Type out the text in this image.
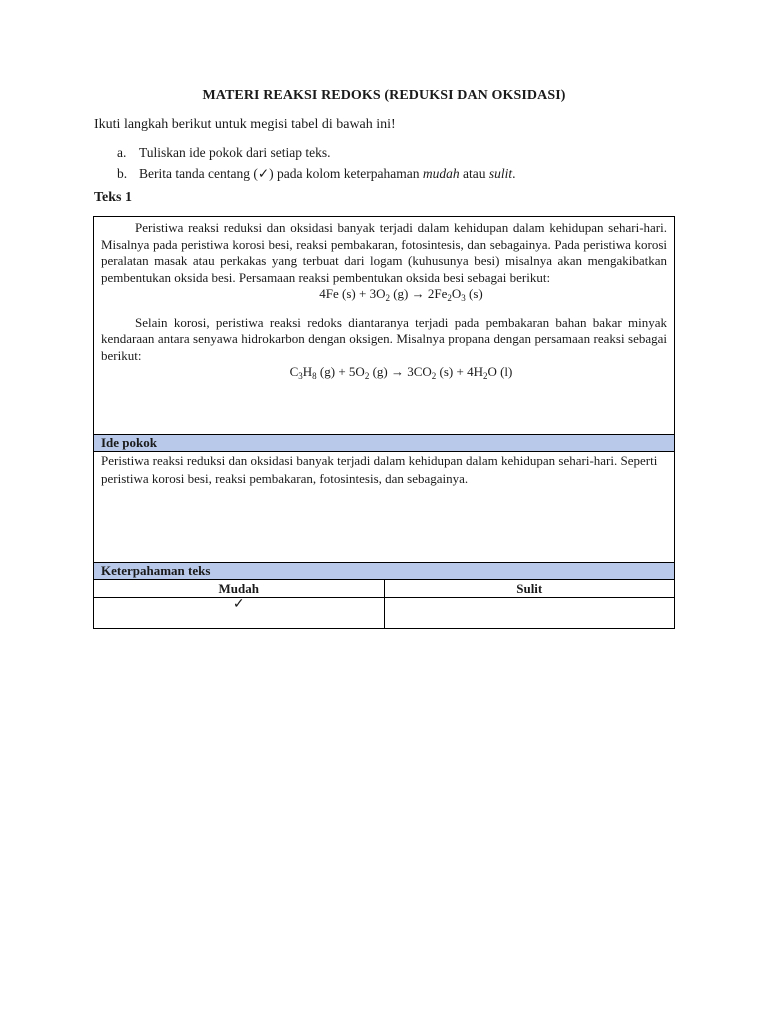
MATERI REAKSI REDOKS (REDUKSI DAN OKSIDASI)
Ikuti langkah berikut untuk megisi tabel di bawah ini!
a. Tuliskan ide pokok dari setiap teks.
b. Berita tanda centang (✓) pada kolom keterpahaman mudah atau sulit.
Teks 1

Peristiwa reaksi reduksi dan oksidasi banyak terjadi dalam kehidupan dalam kehidupan sehari-hari. Misalnya pada peristiwa korosi besi, reaksi pembakaran, fotosintesis, dan sebagainya. Pada peristiwa korosi peralatan masak atau perkakas yang terbuat dari logam (kuhusunya besi) misalnya akan mengakibatkan pembentukan oksida besi. Persamaan reaksi pembentukan oksida besi sebagai berikut:

4Fe $(s) + 3O_2$ $(g) \to 2Fe_2O_3$ (s)

Selain korosi, peristiwa reaksi redoks diantaranya terjadi pada pembakaran bahan bakar minyak kendaraan antara senyawa hidrokarbon dengan oksigen. Misalnya propana dengan persamaan reaksi sebagai berikut:

$C_3H_8$ $(g) + 5O_2$ $(g) \to 3CO_2$ $(s) + 4H_2O$ (l)

Ide pokok
Peristiwa reaksi reduksi dan oksidasi banyak terjadi dalam kehidupan dalam kehidupan sehari-hari. Seperti peristiwa korosi besi, reaksi pembakaran, fotosintesis, dan sebagainya.
Keterpahaman teks
Mudah	Sulit
✓
